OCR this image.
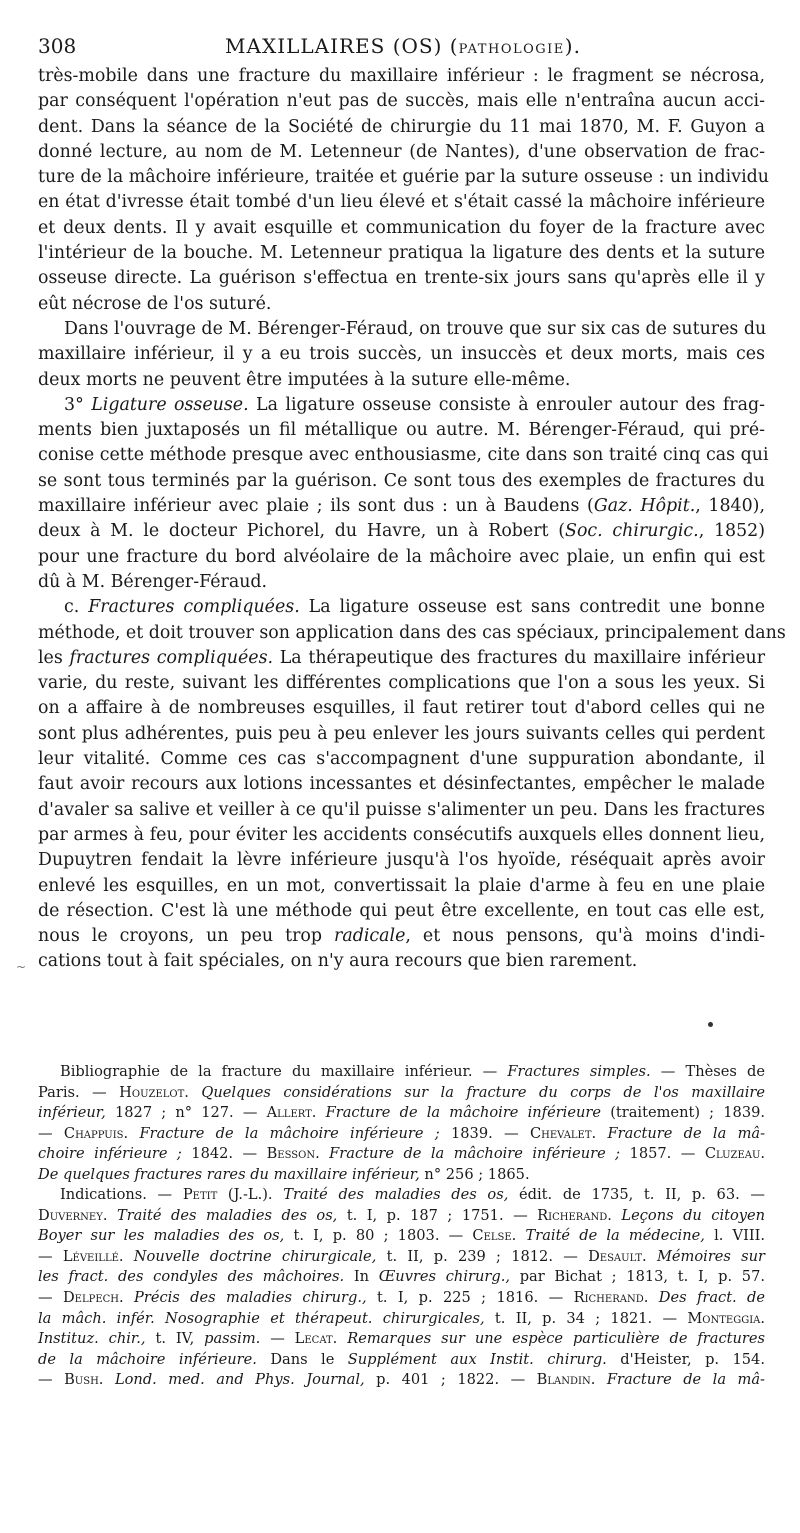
308	MAXILLAIRES (OS) (PATHOLOGIE).
très-mobile dans une fracture du maxillaire inférieur : le fragment se nécrosa,
par conséquent l'opération n'eut pas de succès, mais elle n'entraîna aucun acci-
dent. Dans la séance de la Société de chirurgie du 11 mai 1870, M. F. Guyon a
donné lecture, au nom de M. Letenneur (de Nantes), d'une observation de frac-
ture de la mâchoire inférieure, traitée et guérie par la suture osseuse : un individu
en état d'ivresse était tombé d'un lieu élevé et s'était cassé la mâchoire inférieure
et deux dents. Il y avait esquille et communication du foyer de la fracture avec
l'intérieur de la bouche. M. Letenneur pratiqua la ligature des dents et la suture
osseuse directe. La guérison s'effectua en trente-six jours sans qu'après elle il y
eût nécrose de l'os suturé.
Dans l'ouvrage de M. Bérenger-Féraud, on trouve que sur six cas de sutures du
maxillaire inférieur, il y a eu trois succès, un insuccès et deux morts, mais ces
deux morts ne peuvent être imputées à la suture elle-même.
3° Ligature osseuse. La ligature osseuse consiste à enrouler autour des frag-
ments bien juxtaposés un fil métallique ou autre. M. Bérenger-Féraud, qui pré-
conise cette méthode presque avec enthousiasme, cite dans son traité cinq cas qui
se sont tous terminés par la guérison. Ce sont tous des exemples de fractures du
maxillaire inférieur avec plaie ; ils sont dus : un à Baudens (Gaz. Hôpit., 1840),
deux à M. le docteur Pichorel, du Havre, un à Robert (Soc. chirurgic., 1852)
pour une fracture du bord alvéolaire de la mâchoire avec plaie, un enfin qui est
dû à M. Bérenger-Féraud.
c. Fractures compliquées. La ligature osseuse est sans contredit une bonne
méthode, et doit trouver son application dans des cas spéciaux, principalement dans
les fractures compliquées. La thérapeutique des fractures du maxillaire inférieur
varie, du reste, suivant les différentes complications que l'on a sous les yeux. Si
on a affaire à de nombreuses esquilles, il faut retirer tout d'abord celles qui ne
sont plus adhérentes, puis peu à peu enlever les jours suivants celles qui perdent
leur vitalité. Comme ces cas s'accompagnent d'une suppuration abondante, il
faut avoir recours aux lotions incessantes et désinfectantes, empêcher le malade
d'avaler sa salive et veiller à ce qu'il puisse s'alimenter un peu. Dans les fractures
par armes à feu, pour éviter les accidents consécutifs auxquels elles donnent lieu,
Dupuytren fendait la lèvre inférieure jusqu'à l'os hyoïde, réséquait après avoir
enlevé les esquilles, en un mot, convertissait la plaie d'arme à feu en une plaie
de résection. C'est là une méthode qui peut être excellente, en tout cas elle est,
nous le croyons, un peu trop radicale, et nous pensons, qu'à moins d'indi-
cations tout à fait spéciales, on n'y aura recours que bien rarement.
Bibliographie de la fracture du maxillaire inférieur. — Fractures simples. — Thèses de
Paris. — Houzelot. Quelques considérations sur la fracture du corps de l'os maxillaire
inférieur, 1827 ; n° 127. — Allert. Fracture de la mâchoire inférieure (traitement) ; 1839.
— Chappuis. Fracture de la mâchoire inférieure ; 1839. — Chevalet. Fracture de la mâ-
choire inférieure ; 1842. — Besson. Fracture de la mâchoire inférieure ; 1857. — Cluzeau.
De quelques fractures rares du maxillaire inférieur, n° 256 ; 1865.
Indications. — Petit (J.-L.). Traité des maladies des os, édit. de 1735, t. II, p. 63. —
Duverney. Traité des maladies des os, t. I, p. 187 ; 1751. — Richerand. Leçons du citoyen
Boyer sur les maladies des os, t. I, p. 80 ; 1803. — Celse. Traité de la médecine, l. VIII.
— Léveillé. Nouvelle doctrine chirurgicale, t. II, p. 239 ; 1812. — Desault. Mémoires sur
les fract. des condyles des mâchoires. In Œuvres chirurg., par Bichat ; 1813, t. I, p. 57.
— Delpech. Précis des maladies chirurg., t. I, p. 225 ; 1816. — Richerand. Des fract. de
la mâch. infér. Nosographie et thérapeut. chirurgicales, t. II, p. 34 ; 1821. — Monteggia.
Instituz. chir., t. IV, passim. — Lecat. Remarques sur une espèce particulière de fractures
de la mâchoire inférieure. Dans le Supplément aux Instit. chirurg. d'Heister, p. 154.
— Bush. Lond. med. and Phys. Journal, p. 401 ; 1822. — Blandin. Fracture de la mâ-
~
